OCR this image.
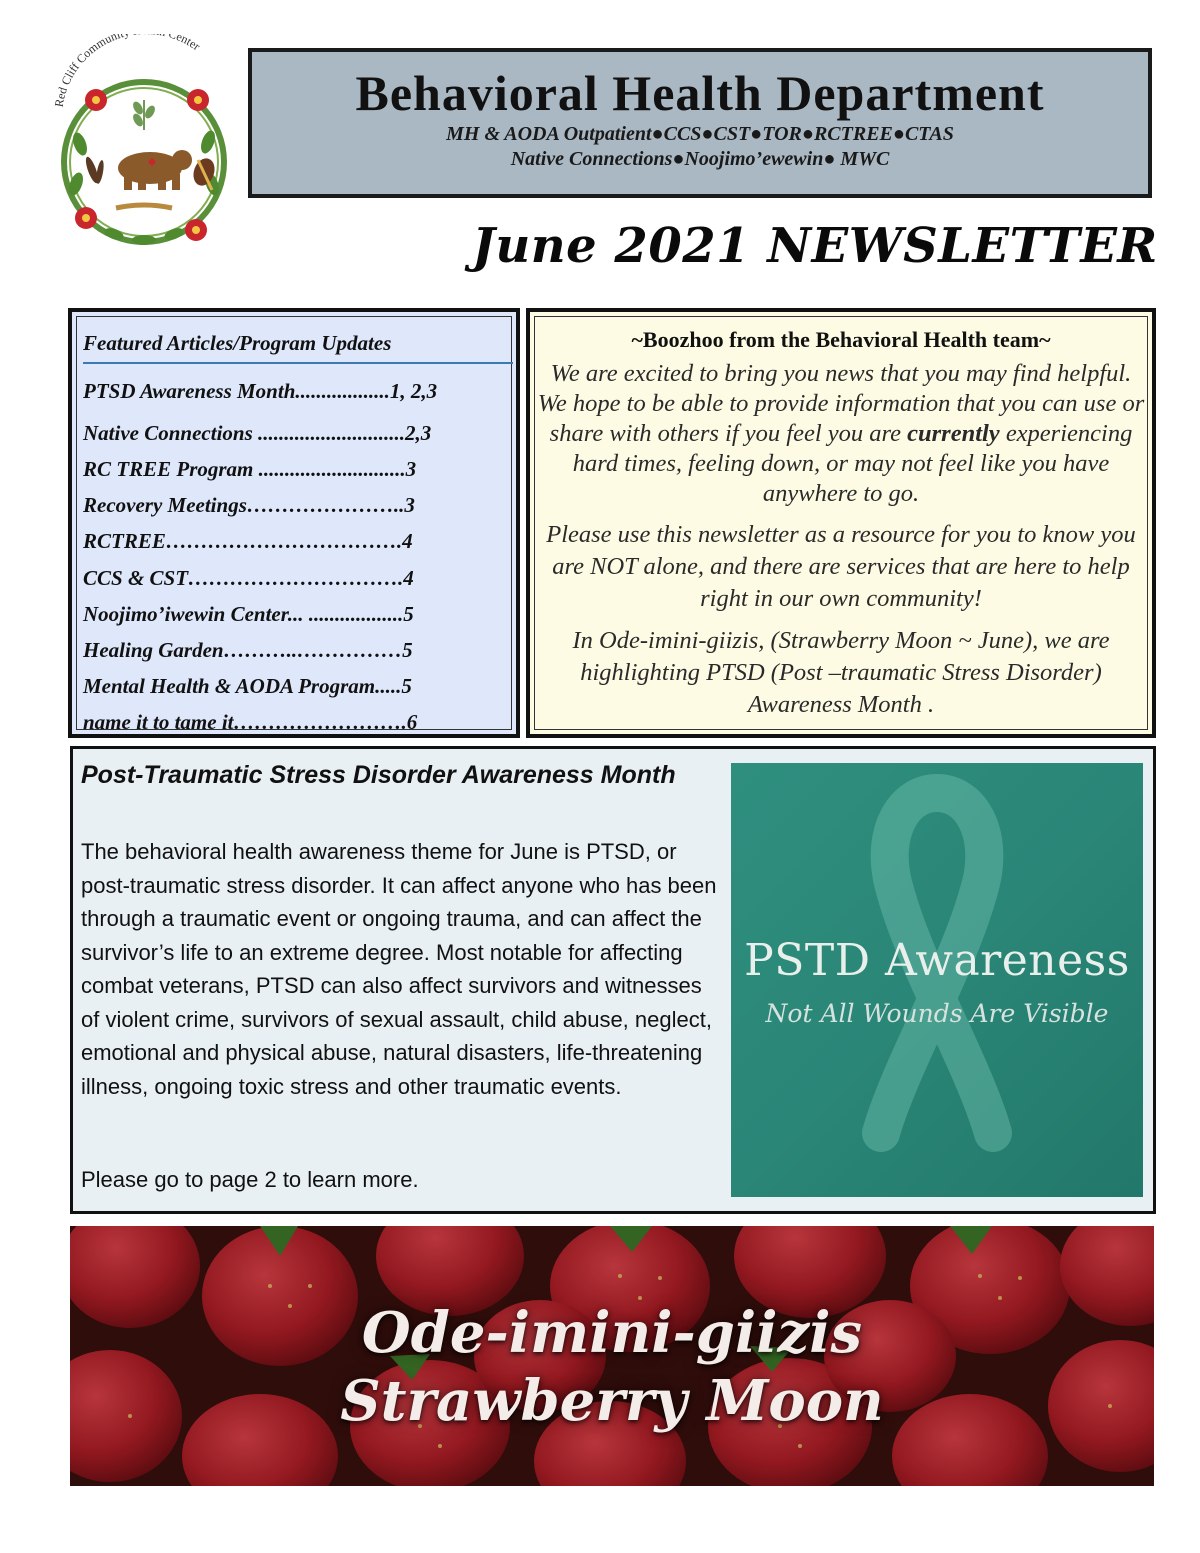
Red Cliff Communi Center
Behavioral Health Department
MH & AODA Outpatient●CCS●CST●TOR●RCTREE●CTAS
Native Connections●Noojimo’ewewin● MWC
June 2021 NEWSLETTER
Featured Articles/Program Updates
PTSD Awareness Month..................1, 2,3
Native Connections ............................2,3
RC TREE Program ............................3
Recovery Meetings…………………..3
RCTREE…………………………….4
CCS & CST………………………….4
Noojimo’iwewin Center... ..................5
Healing Garden………..……………5
Mental Health & AODA Program.....5
name it to tame it…………………….6
~Boozhoo from the Behavioral Health team~
We are excited to bring you news that you may find helpful. We hope to be able to provide information that you can use or share with others if you feel you are currently experiencing hard times, feeling down, or may not feel like you have anywhere to go.
Please use this newsletter as a resource for you to know you are NOT alone, and there are services that are here to help right in our own community!
In Ode-imini-giizis, (Strawberry Moon ~ June), we are highlighting PTSD (Post –traumatic Stress Disorder) Awareness Month .
Post-Traumatic Stress Disorder Awareness Month
The behavioral health awareness theme for June is PTSD, or post-traumatic stress disorder. It can affect anyone who has been through a traumatic event or ongoing trauma, and can affect the survivor’s life to an extreme degree. Most notable for affecting combat veterans, PTSD can also affect survivors and witnesses of violent crime, survivors of sexual assault, child abuse, neglect, emotional and physical abuse, natural disasters, life-threatening illness, ongoing toxic stress and other traumatic events.
Please go to page 2 to learn more.
PSTD Awareness
Not All Wounds Are Visible
Ode-imini-giizis
Strawberry Moon
